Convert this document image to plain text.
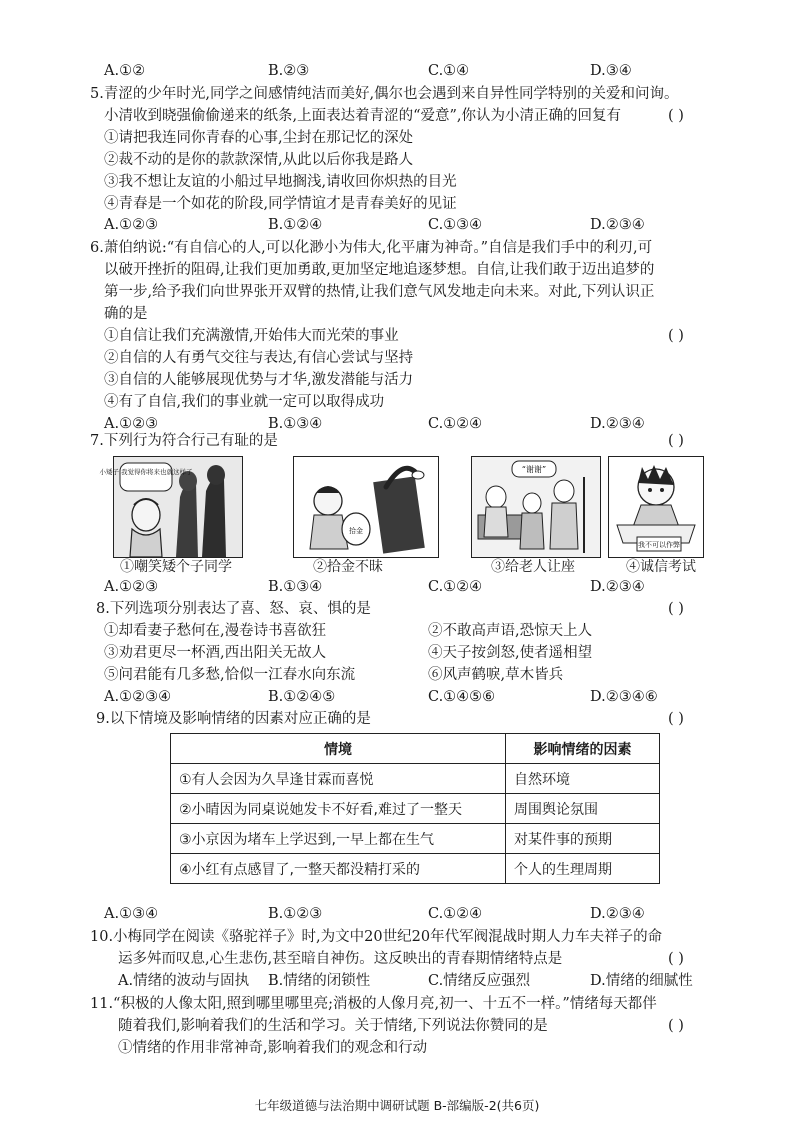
A.①②	B.②③	C.①④	D.③④
5.青涩的少年时光,同学之间感情纯洁而美好,偶尔也会遇到来自异性同学特别的关爱和问询。
小清收到晓强偷偷递来的纸条,上面表达着青涩的“爱意”,你认为小清正确的回复有	( )
①请把我连同你青春的心事,尘封在那记忆的深处
②裁不动的是你的款款深情,从此以后你我是路人
③我不想让友谊的小船过早地搁浅,请收回你炽热的目光
④青春是一个如花的阶段,同学情谊才是青春美好的见证
A.①②③	B.①②④	C.①③④	D.②③④
6.萧伯纳说:“有自信心的人,可以化渺小为伟大,化平庸为神奇。”自信是我们手中的利刃,可
以破开挫折的阻碍,让我们更加勇敢,更加坚定地追逐梦想。自信,让我们敢于迈出追梦的
第一步,给予我们向世界张开双臂的热情,让我们意气风发地走向未来。对此,下列认识正
确的是
( )
①自信让我们充满激情,开始伟大而光荣的事业
②自信的人有勇气交往与表达,有信心尝试与坚持
③自信的人能够展现优势与才华,激发潜能与活力
④有了自信,我们的事业就一定可以取得成功
A.①②③	B.①③④	C.①②④	D.②③④
7.下列行为符合行己有耻的是	( )
小矮子,我觉得你将来也就这样了
①嘲笑矮个子同学
拾金
②拾金不昧
“谢谢”
③给老人让座
我不可以作弊
④诚信考试
A.①②③	B.①③④	C.①②④	D.②③④
8.下列选项分别表达了喜、怒、哀、惧的是	( )
①却看妻子愁何在,漫卷诗书喜欲狂	②不敢高声语,恐惊天上人
③劝君更尽一杯酒,西出阳关无故人	④天子按剑怒,使者遥相望
⑤问君能有几多愁,恰似一江春水向东流	⑥风声鹤唳,草木皆兵
A.①②③④	B.①②④⑤	C.①④⑤⑥	D.②③④⑥
9.以下情境及影响情绪的因素对应正确的是	( )
情境	影响情绪的因素
①有人会因为久旱逢甘霖而喜悦	自然环境
②小晴因为同桌说她发卡不好看,难过了一整天	周围舆论氛围
③小京因为堵车上学迟到,一早上都在生气	对某件事的预期
④小红有点感冒了,一整天都没精打采的	个人的生理周期
A.①③④	B.①②③	C.①②④	D.②③④
10.小梅同学在阅读《骆驼祥子》时,为文中20世纪20年代军阀混战时期人力车夫祥子的命
运多舛而叹息,心生悲伤,甚至暗自神伤。这反映出的青春期情绪特点是	( )
A.情绪的波动与固执 B.情绪的闭锁性	C.情绪反应强烈	D.情绪的细腻性
11.“积极的人像太阳,照到哪里哪里亮;消极的人像月亮,初一、十五不一样。”情绪每天都伴
随着我们,影响着我们的生活和学习。关于情绪,下列说法你赞同的是	( )
①情绪的作用非常神奇,影响着我们的观念和行动
七年级道德与法治期中调研试题 B-部编版-2(共6页)
